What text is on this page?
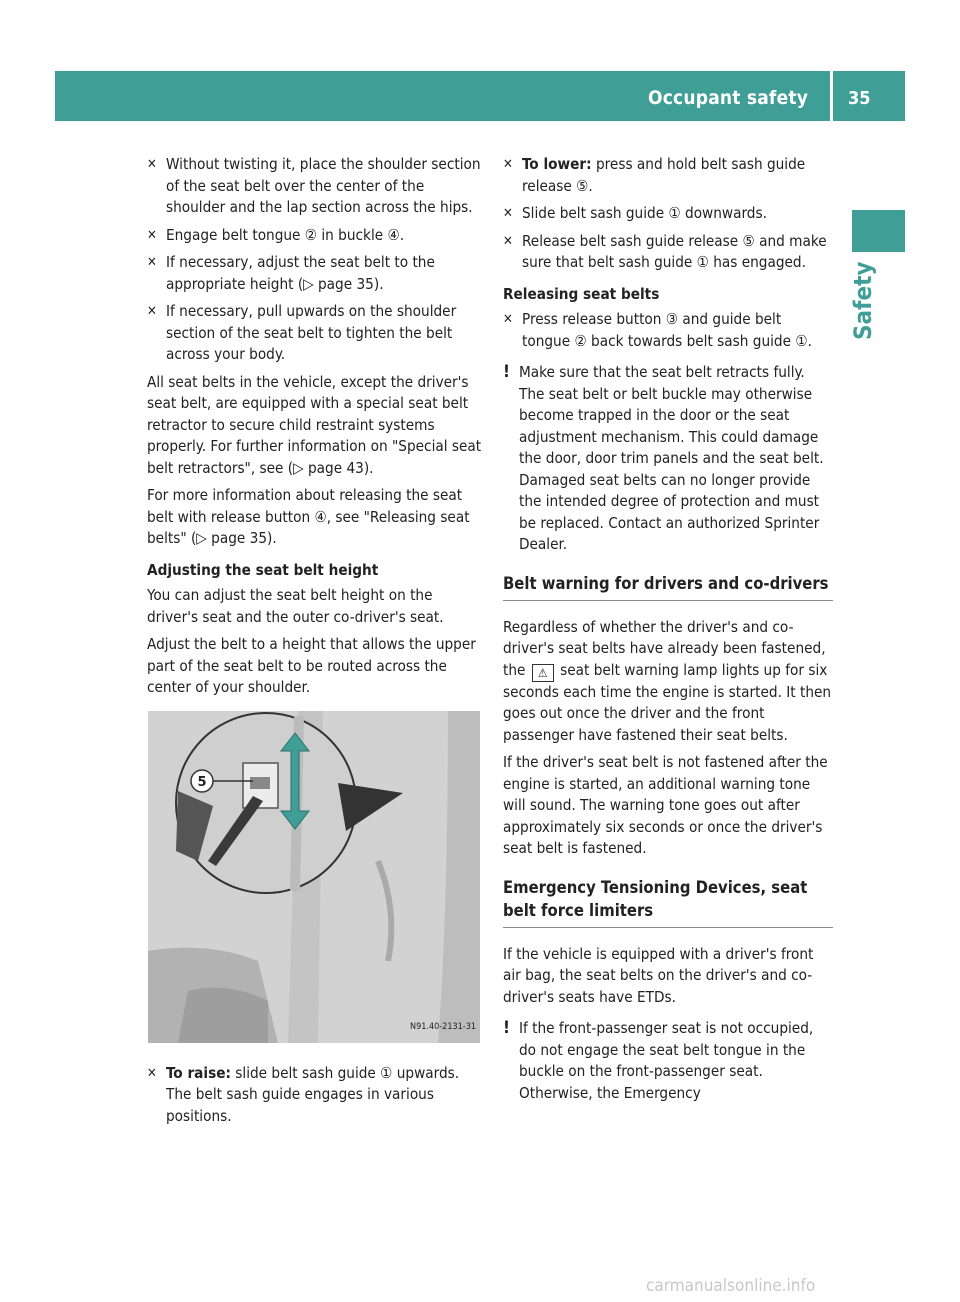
Occupant safety 35
Safety
✕ Without twisting it, place the shoulder section of the seat belt over the center of the shoulder and the lap section across the hips.
✕ Engage belt tongue ② in buckle ④.
✕ If necessary, adjust the seat belt to the appropriate height (▷ page 35).
✕ If necessary, pull upwards on the shoulder section of the seat belt to tighten the belt across your body.
All seat belts in the vehicle, except the driver's seat belt, are equipped with a special seat belt retractor to secure child restraint systems properly. For further information on "Special seat belt retractors", see (▷ page 43).
For more information about releasing the seat belt with release button ④, see "Releasing seat belts" (▷ page 35).
Adjusting the seat belt height
You can adjust the seat belt height on the driver's seat and the outer co-driver's seat.
Adjust the belt to a height that allows the upper part of the seat belt to be routed across the center of your shoulder.
5
N91.40-2131-31
✕ To raise: slide belt sash guide ① upwards. The belt sash guide engages in various positions.
✕ To lower: press and hold belt sash guide release ⑤.
✕ Slide belt sash guide ① downwards.
✕ Release belt sash guide release ⑤ and make sure that belt sash guide ① has engaged.
Releasing seat belts
✕ Press release button ③ and guide belt tongue ② back towards belt sash guide ①.
! Make sure that the seat belt retracts fully. The seat belt or belt buckle may otherwise become trapped in the door or the seat adjustment mechanism. This could damage the door, door trim panels and the seat belt. Damaged seat belts can no longer provide the intended degree of protection and must be replaced. Contact an authorized Sprinter Dealer.
Belt warning for drivers and co-drivers
Regardless of whether the driver's and co-driver's seat belts have already been fastened, the ⚠ seat belt warning lamp lights up for six seconds each time the engine is started. It then goes out once the driver and the front passenger have fastened their seat belts.
If the driver's seat belt is not fastened after the engine is started, an additional warning tone will sound. The warning tone goes out after approximately six seconds or once the driver's seat belt is fastened.
Emergency Tensioning Devices, seat belt force limiters
If the vehicle is equipped with a driver's front air bag, the seat belts on the driver's and co-driver's seats have ETDs.
! If the front-passenger seat is not occupied, do not engage the seat belt tongue in the buckle on the front-passenger seat. Otherwise, the Emergency
carmanualsonline.info
